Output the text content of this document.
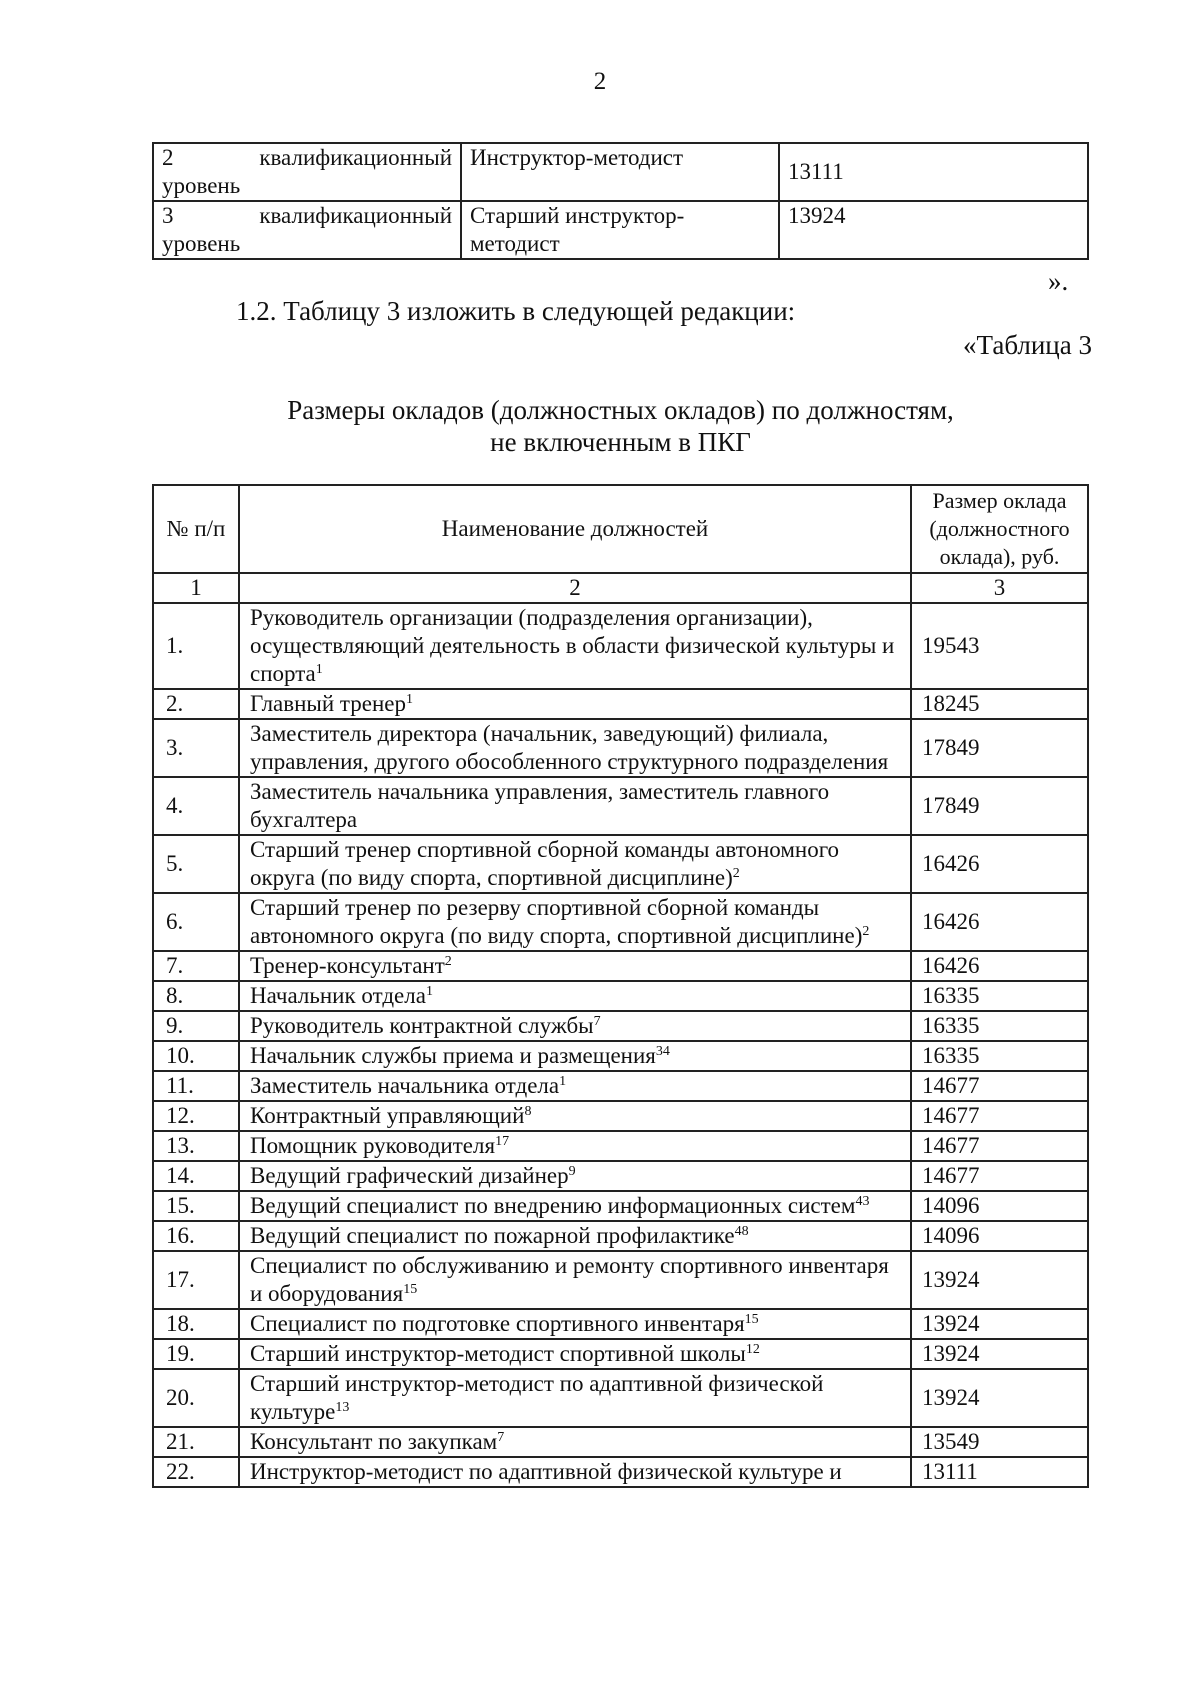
2
2 квалификационный
уровень	Инструктор-методист	13111

3 квалификационный
уровень	Старший инструктор-методист	13924
».
1.2. Таблицу 3 изложить в следующей редакции:
«Таблица 3
Размеры окладов (должностных окладов) по должностям,
не включенным в ПКГ
№ п/п	Наименование должностей	Размер оклада (должностного оклада), руб.
1	2	3
1.	Руководитель организации (подразделения организации), осуществляющий деятельность в области физической культуры и спорта$^1$	19543
2.	Главный тренер$^1$	18245
3.	Заместитель директора (начальник, заведующий) филиала, управления, другого обособленного структурного подразделения	17849
4.	Заместитель начальника управления, заместитель главного бухгалтера	17849
5.	Старший тренер спортивной сборной команды автономного округа (по виду спорта, спортивной дисциплине)$^2$	16426
6.	Старший тренер по резерву спортивной сборной команды автономного округа (по виду спорта, спортивной дисциплине)$^2$	16426
7.	Тренер-консультант$^2$	16426
8.	Начальник отдела$^1$	16335
9.	Руководитель контрактной службы$^7$	16335
10.	Начальник службы приема и размещения$^{34}$	16335
11.	Заместитель начальника отдела$^1$	14677
12.	Контрактный управляющий$^8$	14677
13.	Помощник руководителя$^{17}$	14677
14.	Ведущий графический дизайнер$^9$	14677
15.	Ведущий специалист по внедрению информационных систем$^{43}$	14096
16.	Ведущий специалист по пожарной профилактике$^{48}$	14096
17.	Специалист по обслуживанию и ремонту спортивного инвентаря и оборудования$^{15}$	13924
18.	Специалист по подготовке спортивного инвентаря$^{15}$	13924
19.	Старший инструктор-методист спортивной школы$^{12}$	13924
20.	Старший инструктор-методист по адаптивной физической культуре$^{13}$	13924
21.	Консультант по закупкам$^7$	13549
22.	Инструктор-методист по адаптивной физической культуре и	13111
